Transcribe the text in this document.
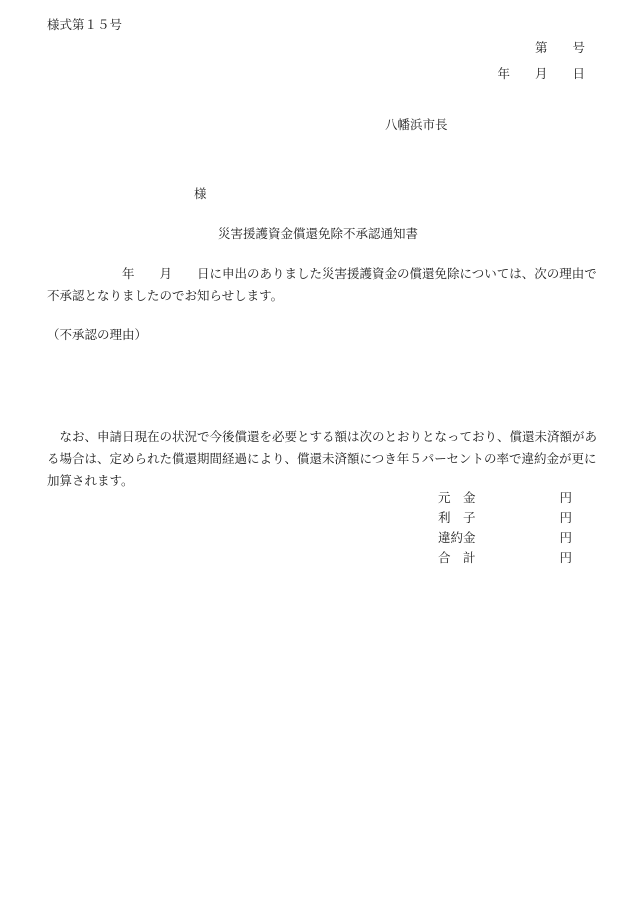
様式第１５号
第　　号
年　　月　　日
八幡浜市長
様
災害援護資金償還免除不承認通知書
　　　　　　年　　月　　日に申出のありました災害援護資金の償還免除については、次の理由で不承認となりましたのでお知らせします。
（不承認の理由）
　なお、申請日現在の状況で今後償還を必要とする額は次のとおりとなっており、償還未済額がある場合は、定められた償還期間経過により、償還未済額につき年５パーセントの率で違約金が更に加算されます。
元　金	円
利　子	円
違約金	円
合　計	円
